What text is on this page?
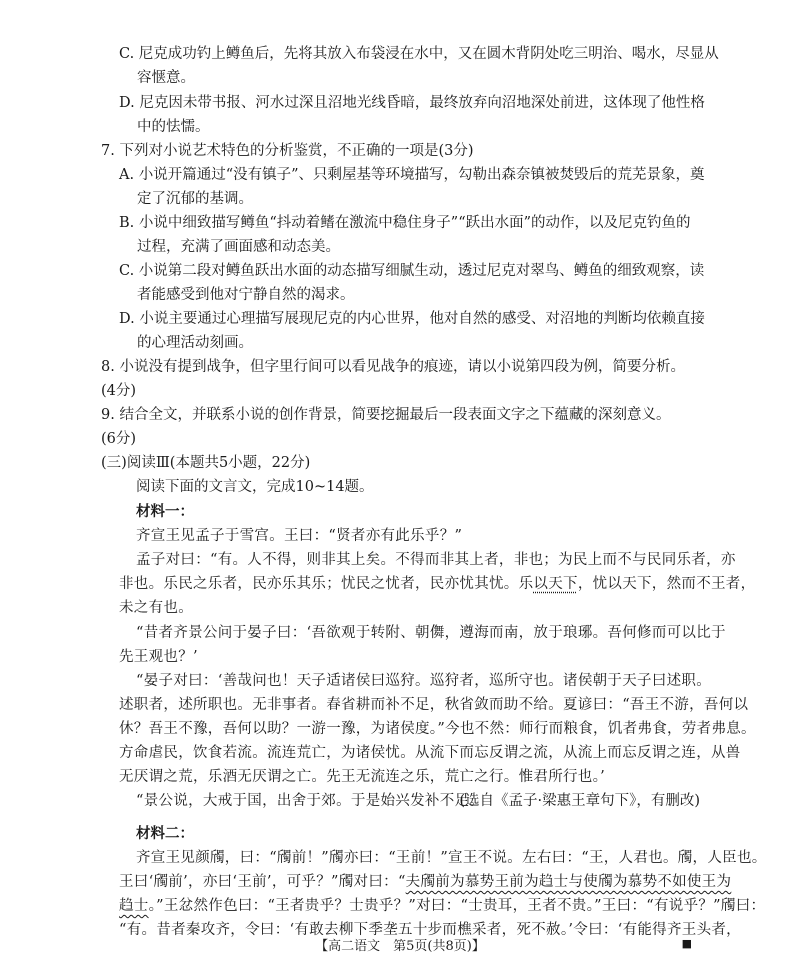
C. 尼克成功钓上鳟鱼后，先将其放入布袋浸在水中，又在圆木背阴处吃三明治、喝水，尽显从
容惬意。
D. 尼克因未带书报、河水过深且沼地光线昏暗，最终放弃向沼地深处前进，这体现了他性格
中的怯懦。
7. 下列对小说艺术特色的分析鉴赏，不正确的一项是(3分)
A. 小说开篇通过“没有镇子”、只剩屋基等环境描写，勾勒出森奈镇被焚毁后的荒芜景象，奠
定了沉郁的基调。
B. 小说中细致描写鳟鱼“抖动着鳍在激流中稳住身子”“跃出水面”的动作，以及尼克钓鱼的
过程，充满了画面感和动态美。
C. 小说第二段对鳟鱼跃出水面的动态描写细腻生动，透过尼克对翠鸟、鳟鱼的细致观察，读
者能感受到他对宁静自然的渴求。
D. 小说主要通过心理描写展现尼克的内心世界，他对自然的感受、对沼地的判断均依赖直接
的心理活动刻画。
8. 小说没有提到战争，但字里行间可以看见战争的痕迹，请以小说第四段为例，简要分析。
(4分)
9. 结合全文，并联系小说的创作背景，简要挖掘最后一段表面文字之下蕴藏的深刻意义。
(6分)
(三)阅读Ⅲ(本题共5小题，22分)
阅读下面的文言文，完成10~14题。
材料一：
齐宣王见孟子于雪宫。王曰：“贤者亦有此乐乎？”
孟子对曰：“有。人不得，则非其上矣。不得而非其上者，非也；为民上而不与民同乐者，亦
非也。乐民之乐者，民亦乐其乐；忧民之忧者，民亦忧其忧。乐以天下，忧以天下，然而不王者，
未之有也。
“昔者齐景公问于晏子曰：‘吾欲观于转附、朝儛，遵海而南，放于琅琊。吾何修而可以比于
先王观也？’
“晏子对曰：‘善哉问也！天子适诸侯曰巡狩。巡狩者，巡所守也。诸侯朝于天子曰述职。
述职者，述所职也。无非事者。春省耕而补不足，秋省敛而助不给。夏谚曰：“吾王不游，吾何以
休？吾王不豫，吾何以助？一游一豫，为诸侯度。”今也不然：师行而粮食，饥者弗食，劳者弗息。
方命虐民，饮食若流。流连荒亡，为诸侯忧。从流下而忘反谓之流，从流上而忘反谓之连，从兽
无厌谓之荒，乐酒无厌谓之亡。先王无流连之乐，荒亡之行。惟君所行也。’
“景公说，大戒于国，出舍于郊。于是始兴发补不足。
(选自《孟子·梁惠王章句下》，有删改)
材料二：
齐宣王见颜斶，曰：“斶前！”斶亦曰：“王前！”宣王不说。左右曰：“王，人君也。斶，人臣也。
王曰‘斶前’，亦曰‘王前’，可乎？”斶对曰：“夫斶前为慕势王前为趋士与使斶为慕势不如使王为
趋士。”王忿然作色曰：“王者贵乎？士贵乎？”对曰：“士贵耳，王者不贵。”王曰：“有说乎？”斶曰：
“有。昔者秦攻齐，令曰：‘有敢去柳下季垄五十步而樵采者，死不赦。’令曰：‘有能得齐王头者，
【高二语文　第5页(共8页)】	■
